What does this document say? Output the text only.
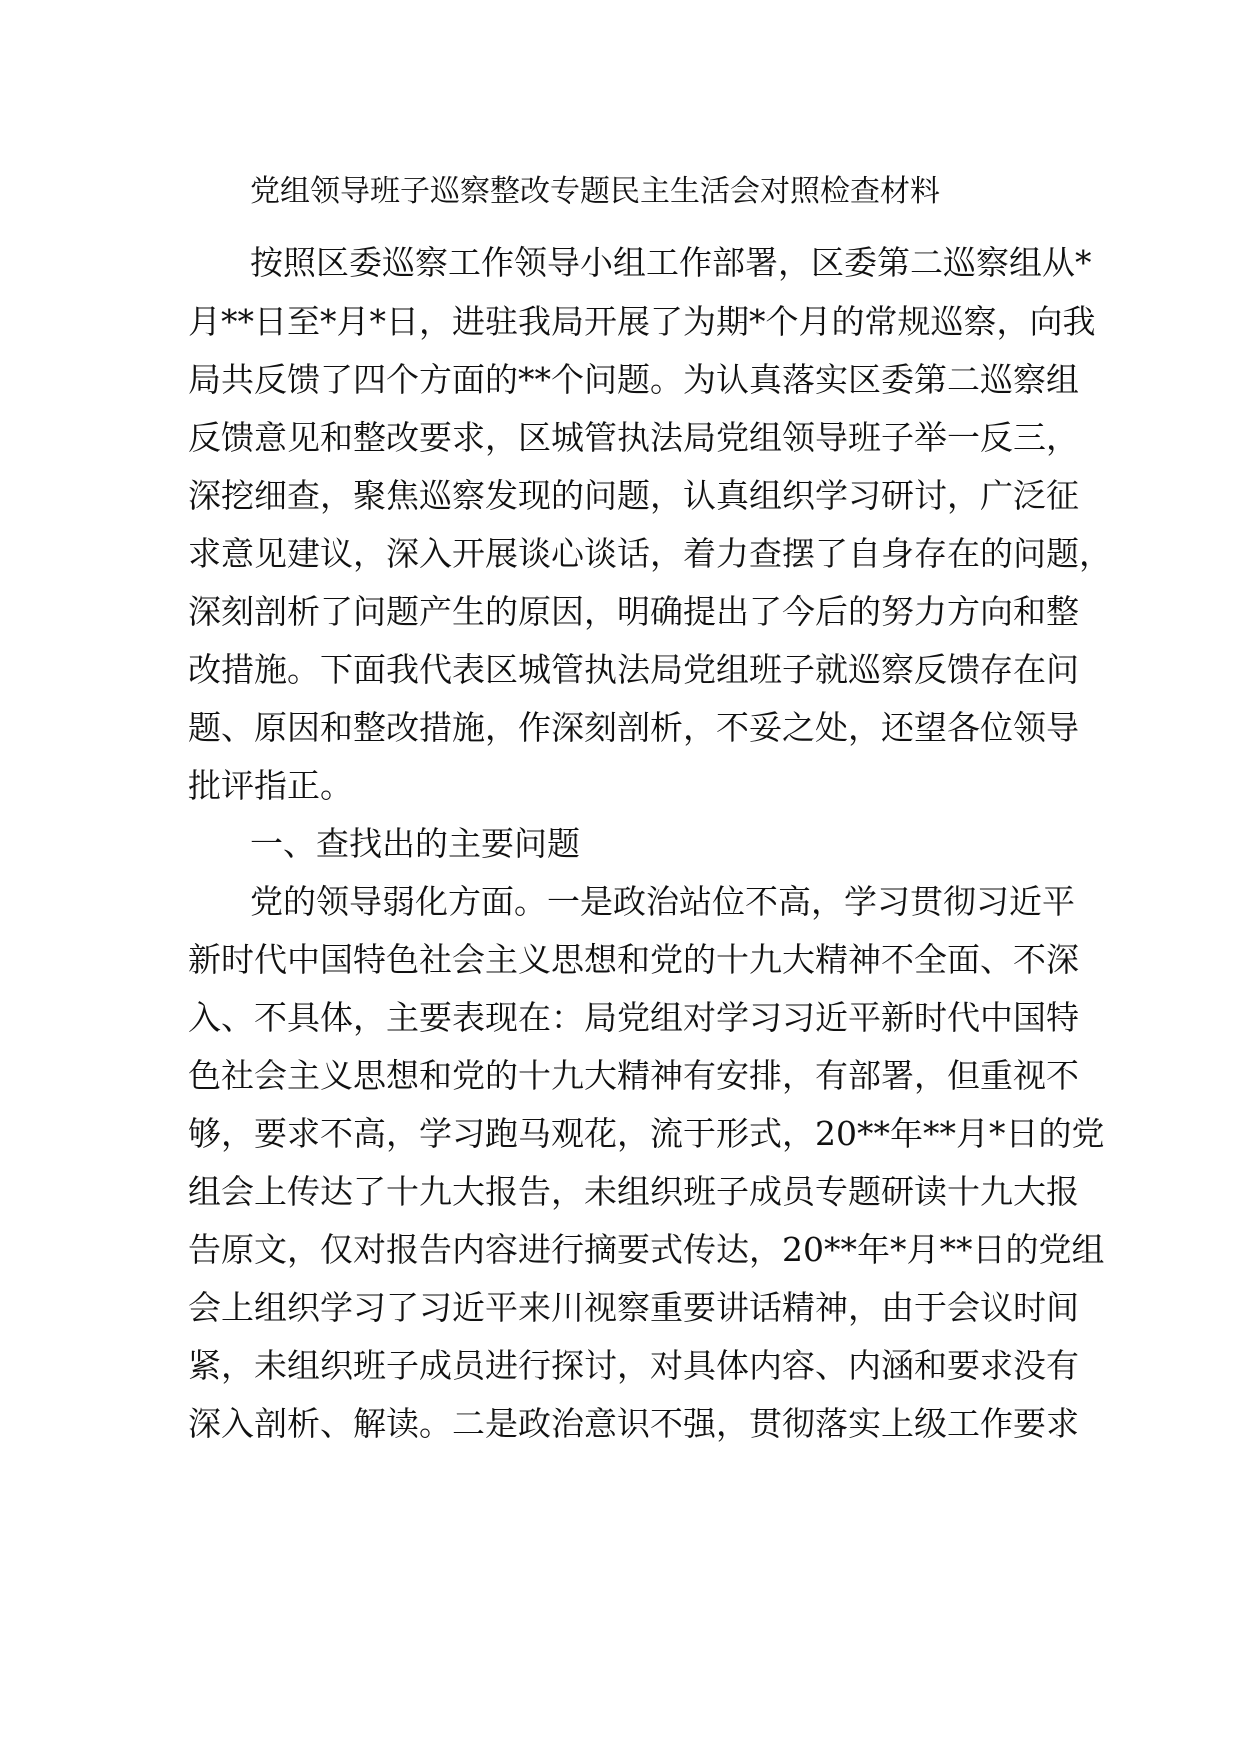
党组领导班子巡察整改专题民主生活会对照检查材料

按照区委巡察工作领导小组工作部署，区委第二巡察组从*

月**日至*月*日，进驻我局开展了为期*个月的常规巡察，向我

局共反馈了四个方面的**个问题。为认真落实区委第二巡察组

反馈意见和整改要求，区城管执法局党组领导班子举一反三，

深挖细查，聚焦巡察发现的问题，认真组织学习研讨，广泛征

求意见建议，深入开展谈心谈话，着力查摆了自身存在的问题，

深刻剖析了问题产生的原因，明确提出了今后的努力方向和整

改措施。下面我代表区城管执法局党组班子就巡察反馈存在问

题、原因和整改措施，作深刻剖析，不妥之处，还望各位领导

批评指正。

一、查找出的主要问题

党的领导弱化方面。一是政治站位不高，学习贯彻习近平

新时代中国特色社会主义思想和党的十九大精神不全面、不深

入、不具体，主要表现在：局党组对学习习近平新时代中国特

色社会主义思想和党的十九大精神有安排，有部署，但重视不

够，要求不高，学习跑马观花，流于形式，20**年**月*日的党

组会上传达了十九大报告，未组织班子成员专题研读十九大报

告原文，仅对报告内容进行摘要式传达，20**年*月**日的党组

会上组织学习了习近平来川视察重要讲话精神，由于会议时间

紧，未组织班子成员进行探讨，对具体内容、内涵和要求没有

深入剖析、解读。二是政治意识不强，贯彻落实上级工作要求
